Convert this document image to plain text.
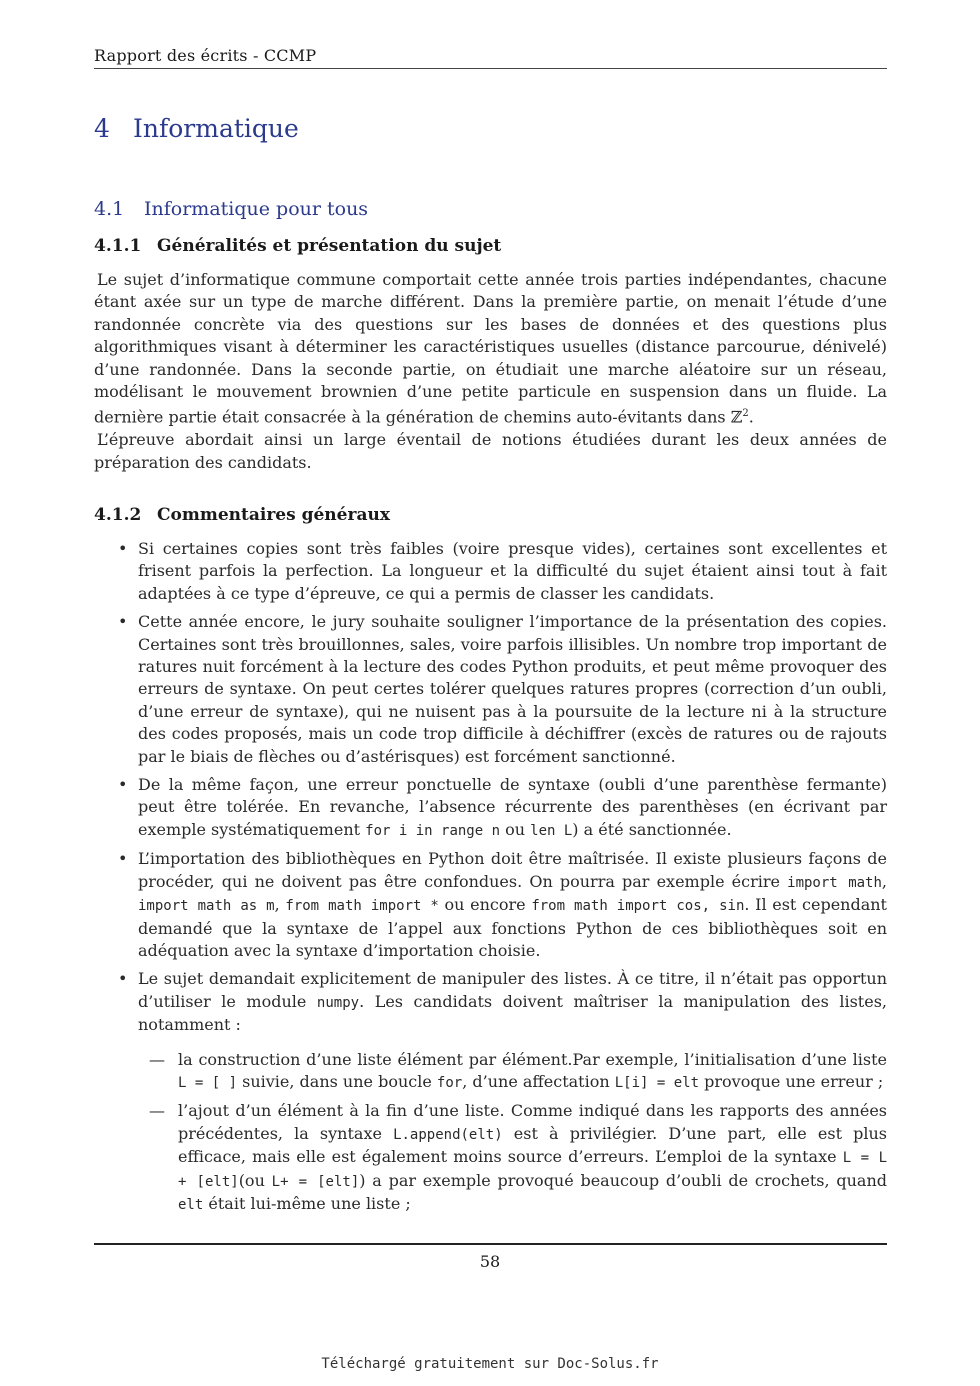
Rapport des écrits - CCMP
4 Informatique
4.1 Informatique pour tous
4.1.1 Généralités et présentation du sujet

Le sujet d’informatique commune comportait cette année trois parties indépendantes, chacune étant axée sur un type de marche différent. Dans la première partie, on menait l’étude d’une randonnée concrète via des questions sur les bases de données et des questions plus algorithmiques visant à déterminer les caractéristiques usuelles (distance parcourue, dénivelé) d’une randonnée. Dans la seconde partie, on étudiait une marche aléatoire sur un réseau, modélisant le mouvement brownien d’une petite particule en suspension dans un fluide. La dernière partie était consacrée à la génération de chemins auto-évitants dans ℤ$^2$.

L’épreuve abordait ainsi un large éventail de notions étudiées durant les deux années de préparation des candidats.

4.1.2 Commentaires généraux
• Si certaines copies sont très faibles (voire presque vides), certaines sont excellentes et frisent parfois la perfection. La longueur et la difficulté du sujet étaient ainsi tout à fait adaptées à ce type d’épreuve, ce qui a permis de classer les candidats.
• Cette année encore, le jury souhaite souligner l’importance de la présentation des copies. Certaines sont très brouillonnes, sales, voire parfois illisibles. Un nombre trop important de ratures nuit forcément à la lecture des codes Python produits, et peut même provoquer des erreurs de syntaxe. On peut certes tolérer quelques ratures propres (correction d’un oubli, d’une erreur de syntaxe), qui ne nuisent pas à la poursuite de la lecture ni à la structure des codes proposés, mais un code trop difficile à déchiffrer (excès de ratures ou de rajouts par le biais de flèches ou d’astérisques) est forcément sanctionné.
• De la même façon, une erreur ponctuelle de syntaxe (oubli d’une parenthèse fermante) peut être tolérée. En revanche, l’absence récurrente des parenthèses (en écrivant par exemple systématiquement for i in range n ou len L) a été sanctionnée.
• L’importation des bibliothèques en Python doit être maîtrisée. Il existe plusieurs façons de procéder, qui ne doivent pas être confondues. On pourra par exemple écrire import math, import math as m, from math import * ou encore from math import cos, sin. Il est cependant demandé que la syntaxe de l’appel aux fonctions Python de ces bibliothèques soit en adéquation avec la syntaxe d’importation choisie.
• Le sujet demandait explicitement de manipuler des listes. À ce titre, il n’était pas opportun d’utiliser le module numpy. Les candidats doivent maîtriser la manipulation des listes, notamment :
— la construction d’une liste élément par élément.Par exemple, l’initialisation d’une liste L = [ ] suivie, dans une boucle for, d’une affectation L[i] = elt provoque une erreur ;
— l’ajout d’un élément à la fin d’une liste. Comme indiqué dans les rapports des années précédentes, la syntaxe L.append(elt) est à privilégier. D’une part, elle est plus efficace, mais elle est également moins source d’erreurs. L’emploi de la syntaxe L = L + [elt](ou L+ = [elt]) a par exemple provoqué beaucoup d’oubli de crochets, quand elt était lui-même une liste ;
58
Téléchargé gratuitement sur Doc-Solus.fr
